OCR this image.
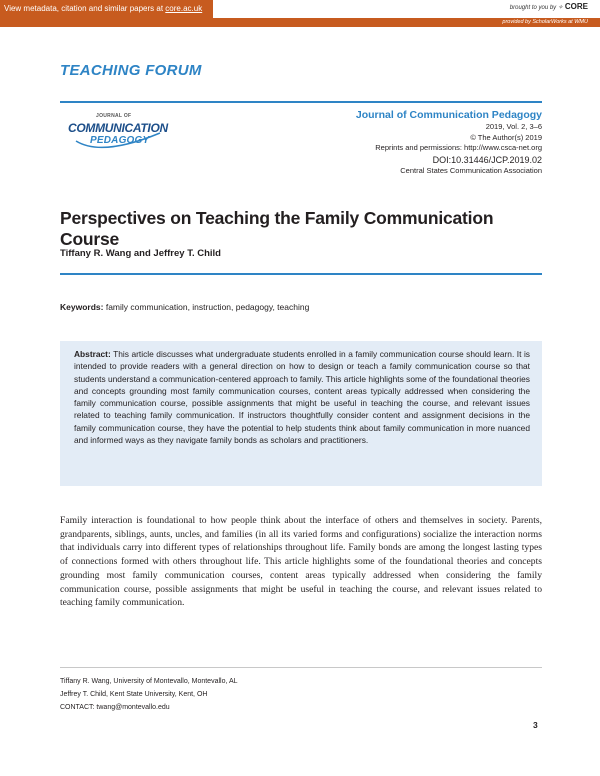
View metadata, citation and similar papers at core.ac.uk	brought to you by ✧ CORE
provided by ScholarWorks at WMU
TEACHING FORUM
JOURNAL OF
COMMUNICATION
PEDAGOGY
Journal of Communication Pedagogy
2019, Vol. 2, 3–6
© The Author(s) 2019
Reprints and permissions: http://www.csca-net.org
DOI:10.31446/JCP.2019.02
Central States Communication Association
Perspectives on Teaching the Family Communication Course
Tiffany R. Wang and Jeffrey T. Child
Keywords: family communication, instruction, pedagogy, teaching
Abstract: This article discusses what undergraduate students enrolled in a family communication course should learn. It is intended to provide readers with a general direction on how to design or teach a family communication course so that students understand a communication-centered approach to family. This article highlights some of the foundational theories and concepts grounding most family communication courses, content areas typically addressed when considering the family communication course, possible assignments that might be useful in teaching the course, and relevant issues related to teaching family communication. If instructors thoughtfully consider content and assignment decisions in the family communication course, they have the potential to help students think about family communication in more nuanced and informed ways as they navigate family bonds as scholars and practitioners.
Family interaction is foundational to how people think about the interface of others and themselves in society. Parents, grandparents, siblings, aunts, uncles, and families (in all its varied forms and configurations) socialize the interaction norms that individuals carry into different types of relationships throughout life. Family bonds are among the longest lasting types of connections formed with others throughout life. This article highlights some of the foundational theories and concepts grounding most family communication courses, content areas typically addressed when considering the family communication course, possible assignments that might be useful in teaching the course, and relevant issues related to teaching family communication.
Tiffany R. Wang, University of Montevallo, Montevallo, AL
Jeffrey T. Child, Kent State University, Kent, OH
CONTACT: twang@montevallo.edu
3
